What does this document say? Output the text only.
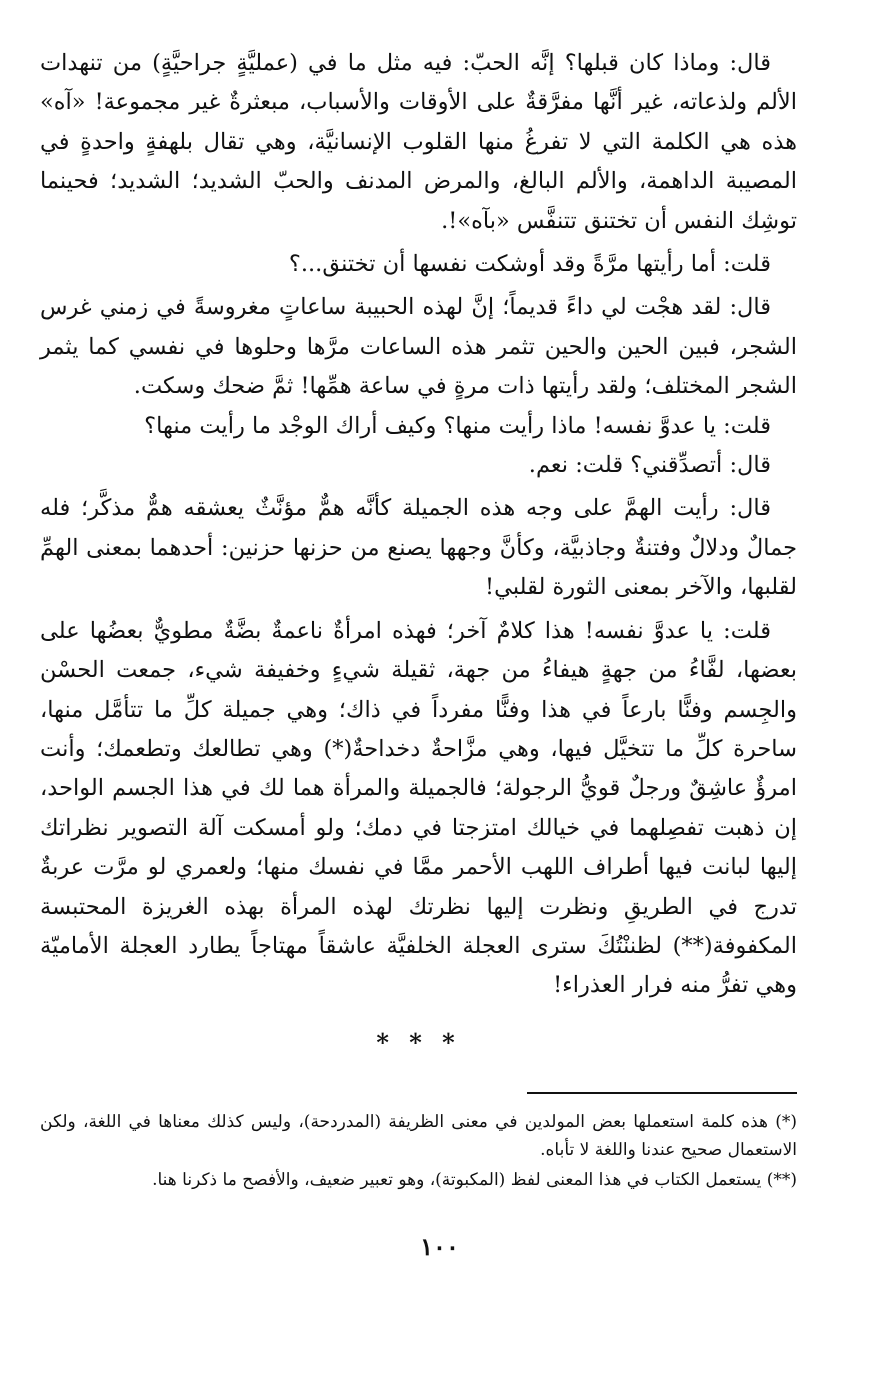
قال: وماذا كان قبلها؟ إنَّه الحبّ: فيه مثل ما في (عمليَّةٍ جراحيَّةٍ) من تنهدات الألم ولذعاته، غير أنَّها مفرَّقةٌ على الأوقات والأسباب، مبعثرةٌ غير مجموعة! «آه» هذه هي الكلمة التي لا تفرغُ منها القلوب الإنسانيَّة، وهي تقال بلهفةٍ واحدةٍ في المصيبة الداهمة، والألم البالغ، والمرض المدنف والحبّ الشديد؛ الشديد؛ فحينما توشِك النفس أن تختنق تتنفَّس «بآه»!.

قلت: أما رأيتها مرَّةً وقد أوشكت نفسها أن تختنق...؟

قال: لقد هجْت لي داءً قديماً؛ إنَّ لهذه الحبيبة ساعاتٍ مغروسةً في زمني غرس الشجر، فبين الحين والحين تثمر هذه الساعات مرَّها وحلوها في نفسي كما يثمر الشجر المختلف؛ ولقد رأيتها ذات مرةٍ في ساعة همِّها! ثمَّ ضحك وسكت.

قلت: يا عدوَّ نفسه! ماذا رأيت منها؟ وكيف أراك الوجْد ما رأيت منها؟

قال: أتصدِّقني؟ قلت: نعم.

قال: رأيت الهمَّ على وجه هذه الجميلة كأنَّه همٌّ مؤنَّثٌ يعشقه همٌّ مذكَّر؛ فله جمالٌ ودلالٌ وفتنةٌ وجاذبيَّة، وكأنَّ وجهها يصنع من حزنها حزنين: أحدهما بمعنى الهمِّ لقلبها، والآخر بمعنى الثورة لقلبي!

قلت: يا عدوَّ نفسه! هذا كلامٌ آخر؛ فهذه امرأةٌ ناعمةٌ بضَّةٌ مطويٌّ بعضُها على بعضها، لفَّاءُ من جهةٍ هيفاءُ من جهة، ثقيلة شيءٍ وخفيفة شيء، جمعت الحسْن والجِسم وفنًّا بارعاً في هذا وفنًّا مفرداً في ذاك؛ وهي جميلة كلِّ ما تتأمَّل منها، ساحرة كلِّ ما تتخيَّل فيها، وهي مزَّاحةٌ دخداحةٌ(*) وهي تطالعك وتطعمك؛ وأنت امرؤٌ عاشِقٌ ورجلٌ قويُّ الرجولة؛ فالجميلة والمرأة هما لك في هذا الجسم الواحد، إن ذهبت تفصِلهما في خيالك امتزجتا في دمك؛ ولو أمسكت آلة التصوير نظراتك إليها لبانت فيها أطراف اللهب الأحمر ممَّا في نفسك منها؛ ولعمري لو مرَّت عربةٌ تدرج في الطريقِ ونظرت إليها نظرتك لهذه المرأة بهذه الغريزة المحتبسة المكفوفة(**) لظننْتُكَ سترى العجلة الخلفيَّة عاشقاً مهتاجاً يطارد العجلة الأماميّة وهي تفرُّ منه فرار العذراء!

* * *

(*) هذه كلمة استعملها بعض المولدين في معنى الظريفة (المدردحة)، وليس كذلك معناها في اللغة، ولكن الاستعمال صحيح عندنا واللغة لا تأباه.

(**) يستعمل الكتاب في هذا المعنى لفظ (المكبوتة)، وهو تعبير ضعيف، والأفصح ما ذكرنا هنا.

١٠٠
